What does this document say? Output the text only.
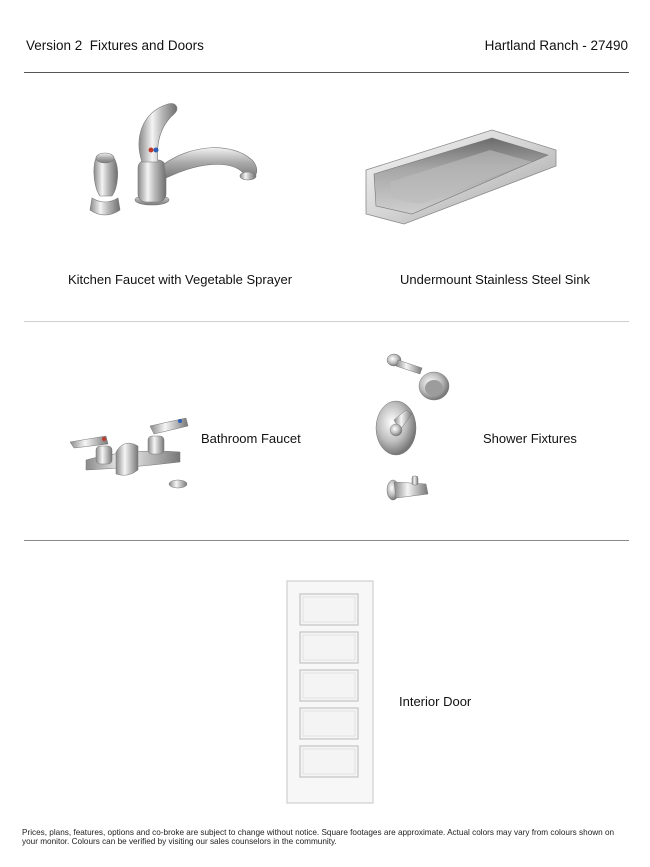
Version 2  Fixtures and Doors	Hartland Ranch - 27490
Kitchen Faucet with Vegetable Sprayer	Undermount Stainless Steel Sink
Bathroom Faucet	Shower Fixtures
Interior Door
Prices, plans, features, options and co-broke are subject to change without notice. Square footages are approximate. Actual colors may vary from colours shown on your monitor. Colours can be verified by visiting our sales counselors in the community.
